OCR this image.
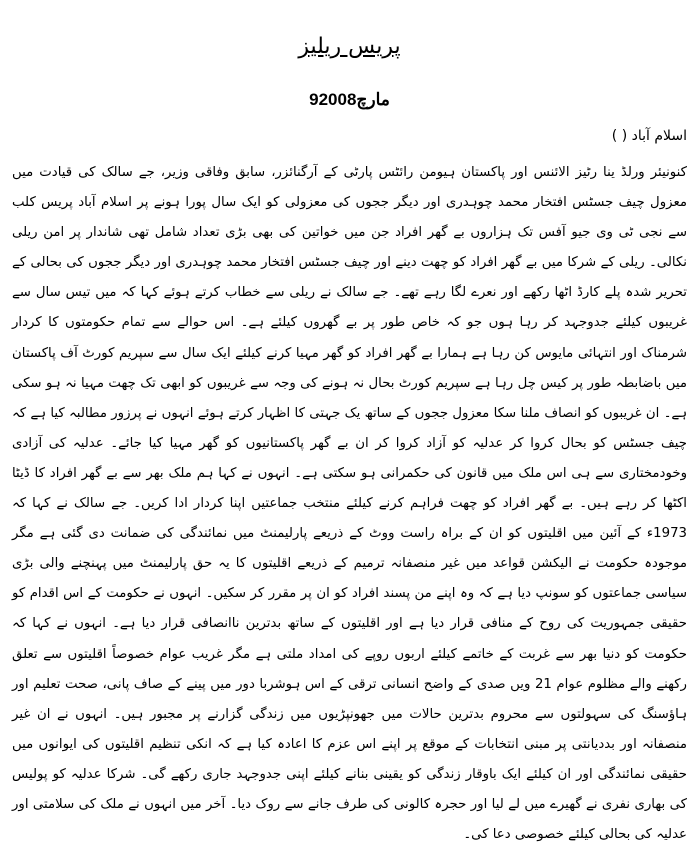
پریس ریلیز
9مارچ2008
اسلام آباد ( )

کنونیئر ورلڈ ینا رٹیز الائنس اور پاکستان ہیومن رائٹس پارٹی کے آرگنائزر، سابق وفاقی وزیر، جے سالک کی قیادت میں معزول چیف جسٹس افتخار محمد چوہدری اور دیگر ججوں کی معزولی کو ایک سال پورا ہونے پر اسلام آباد پریس کلب سے نجی ٹی وی جیو آفس تک ہزاروں بے گھر افراد جن میں خواتین کی بھی بڑی تعداد شامل تھی شاندار پر امن ریلی نکالی۔ ریلی کے شرکا میں بے گھر افراد کو چھت دینے اور چیف جسٹس افتخار محمد چوہدری اور دیگر ججوں کی بحالی کے تحریر شدہ پلے کارڈ اٹھا رکھے اور نعرے لگا رہے تھے۔ جے سالک نے ریلی سے خطاب کرتے ہوئے کہا کہ میں تیس سال سے غریبوں کیلئے جدوجہد کر رہا ہوں جو کہ خاص طور پر بے گھروں کیلئے ہے۔ اس حوالے سے تمام حکومتوں کا کردار شرمناک اور انتہائی مایوس کن رہا ہے ہمارا بے گھر افراد کو گھر مہیا کرنے کیلئے ایک سال سے سپریم کورٹ آف پاکستان میں باضابطہ طور پر کیس چل رہا ہے سپریم کورٹ بحال نہ ہونے کی وجہ سے غریبوں کو ابھی تک چھت مہیا نہ ہو سکی ہے۔ ان غریبوں کو انصاف ملنا سکا معزول ججوں کے ساتھ یک جہتی کا اظہار کرتے ہوئے انہوں نے پرزور مطالبہ کیا ہے کہ چیف جسٹس کو بحال کروا کر عدلیہ کو آزاد کروا کر ان بے گھر پاکستانیوں کو گھر مہیا کیا جائے۔ عدلیہ کی آزادی وخودمختاری سے ہی اس ملک میں قانون کی حکمرانی ہو سکتی ہے۔ انہوں نے کہا ہم ملک بھر سے بے گھر افراد کا ڈیٹا اکٹھا کر رہے ہیں۔ بے گھر افراد کو چھت فراہم کرنے کیلئے منتخب جماعتیں اپنا کردار ادا کریں۔ جے سالک نے کہا کہ 1973ء کے آئین میں اقلیتوں کو ان کے براہ راست ووٹ کے ذریعے پارلیمنٹ میں نمائندگی کی ضمانت دی گئی ہے مگر موجودہ حکومت نے الیکشن قواعد میں غیر منصفانہ ترمیم کے ذریعے اقلیتوں کا یہ حق پارلیمنٹ میں پہنچنے والی بڑی سیاسی جماعتوں کو سونپ دیا ہے کہ وہ اپنے من پسند افراد کو ان پر مقرر کر سکیں۔ انہوں نے حکومت کے اس اقدام کو حقیقی جمہوریت کی روح کے منافی قرار دیا ہے اور اقلیتوں کے ساتھ بدترین ناانصافی قرار دیا ہے۔ انہوں نے کہا کہ حکومت کو دنیا بھر سے غربت کے خاتمے کیلئے اربوں روپے کی امداد ملتی ہے مگر غریب عوام خصوصاً اقلیتوں سے تعلق رکھنے والے مظلوم عوام 21 ویں صدی کے واضح انسانی ترقی کے اس ہوشربا دور میں پینے کے صاف پانی، صحت تعلیم اور ہاؤسنگ کی سہولتوں سے محروم بدترین حالات میں جھونپڑیوں میں زندگی گزارنے پر مجبور ہیں۔ انہوں نے ان غیر منصفانہ اور بددیانتی پر مبنی انتخابات کے موقع پر اپنے اس عزم کا اعادہ کیا ہے کہ انکی تنظیم اقلیتوں کی ایوانوں میں حقیقی نمائندگی اور ان کیلئے ایک باوقار زندگی کو یقینی بنانے کیلئے اپنی جدوجہد جاری رکھے گی۔ شرکا عدلیہ کو پولیس کی بھاری نفری نے گھیرے میں لے لیا اور حجرہ کالونی کی طرف جانے سے روک دیا۔ آخر میں انہوں نے ملک کی سلامتی اور عدلیہ کی بحالی کیلئے خصوصی دعا کی۔
